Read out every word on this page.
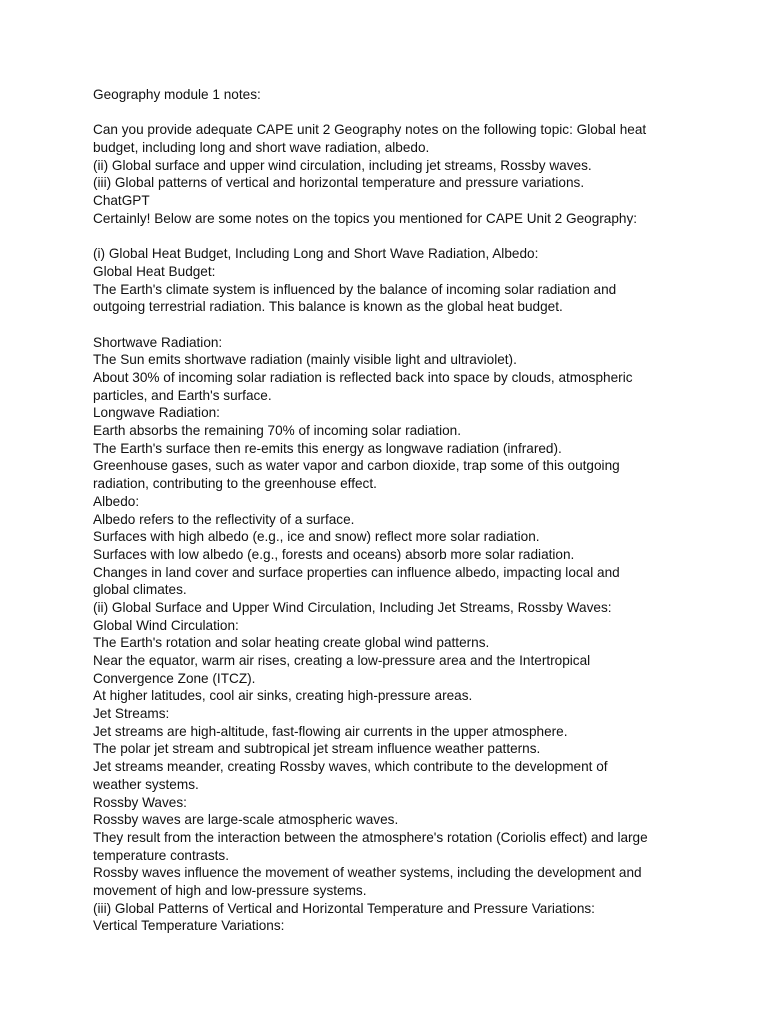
Geography module 1 notes:
Can you provide adequate CAPE unit 2 Geography notes on the following topic: Global heat
budget, including long and short wave radiation, albedo.
(ii) Global surface and upper wind circulation, including jet streams, Rossby waves.
(iii) Global patterns of vertical and horizontal temperature and pressure variations.
ChatGPT
Certainly! Below are some notes on the topics you mentioned for CAPE Unit 2 Geography:
(i) Global Heat Budget, Including Long and Short Wave Radiation, Albedo:
Global Heat Budget:
The Earth's climate system is influenced by the balance of incoming solar radiation and
outgoing terrestrial radiation. This balance is known as the global heat budget.
Shortwave Radiation:
The Sun emits shortwave radiation (mainly visible light and ultraviolet).
About 30% of incoming solar radiation is reflected back into space by clouds, atmospheric
particles, and Earth's surface.
Longwave Radiation:
Earth absorbs the remaining 70% of incoming solar radiation.
The Earth's surface then re-emits this energy as longwave radiation (infrared).
Greenhouse gases, such as water vapor and carbon dioxide, trap some of this outgoing
radiation, contributing to the greenhouse effect.
Albedo:
Albedo refers to the reflectivity of a surface.
Surfaces with high albedo (e.g., ice and snow) reflect more solar radiation.
Surfaces with low albedo (e.g., forests and oceans) absorb more solar radiation.
Changes in land cover and surface properties can influence albedo, impacting local and
global climates.
(ii) Global Surface and Upper Wind Circulation, Including Jet Streams, Rossby Waves:
Global Wind Circulation:
The Earth's rotation and solar heating create global wind patterns.
Near the equator, warm air rises, creating a low-pressure area and the Intertropical
Convergence Zone (ITCZ).
At higher latitudes, cool air sinks, creating high-pressure areas.
Jet Streams:
Jet streams are high-altitude, fast-flowing air currents in the upper atmosphere.
The polar jet stream and subtropical jet stream influence weather patterns.
Jet streams meander, creating Rossby waves, which contribute to the development of
weather systems.
Rossby Waves:
Rossby waves are large-scale atmospheric waves.
They result from the interaction between the atmosphere's rotation (Coriolis effect) and large
temperature contrasts.
Rossby waves influence the movement of weather systems, including the development and
movement of high and low-pressure systems.
(iii) Global Patterns of Vertical and Horizontal Temperature and Pressure Variations:
Vertical Temperature Variations:
